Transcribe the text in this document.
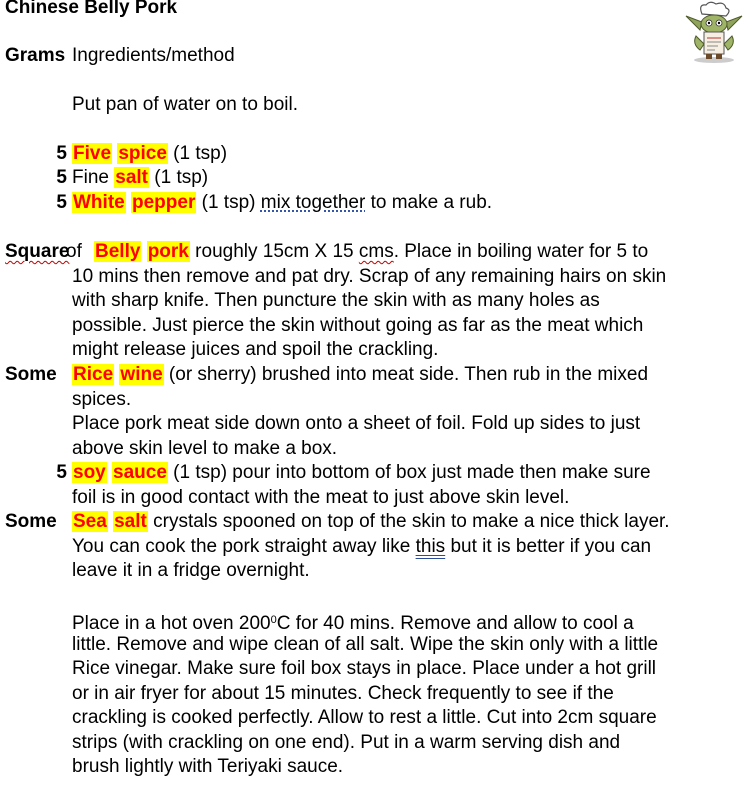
Chinese Belly Pork
Grams Ingredients/method
Put pan of water on to boil.
5 Five spice (1 tsp)
5 Fine salt (1 tsp)
5 White pepper (1 tsp) mix together to make a rub.
Square
of Belly pork roughly 15cm X 15 cms. Place in boiling water for 5 to
10 mins then remove and pat dry. Scrap of any remaining hairs on skin
with sharp knife. Then puncture the skin with as many holes as
possible. Just pierce the skin without going as far as the meat which
might release juices and spoil the crackling.
Some Rice wine (or sherry) brushed into meat side. Then rub in the mixed
spices.
Place pork meat side down onto a sheet of foil. Fold up sides to just
above skin level to make a box.
5 soy sauce (1 tsp) pour into bottom of box just made then make sure
foil is in good contact with the meat to just above skin level.
Some Sea salt crystals spooned on top of the skin to make a nice thick layer.
You can cook the pork straight away like this but it is better if you can
leave it in a fridge overnight.
Place in a hot oven $200^0C$ for 40 mins. Remove and allow to cool a
little. Remove and wipe clean of all salt. Wipe the skin only with a little
Rice vinegar. Make sure foil box stays in place. Place under a hot grill
or in air fryer for about 15 minutes. Check frequently to see if the
crackling is cooked perfectly. Allow to rest a little. Cut into 2cm square
strips (with crackling on one end). Put in a warm serving dish and
brush lightly with Teriyaki sauce.
